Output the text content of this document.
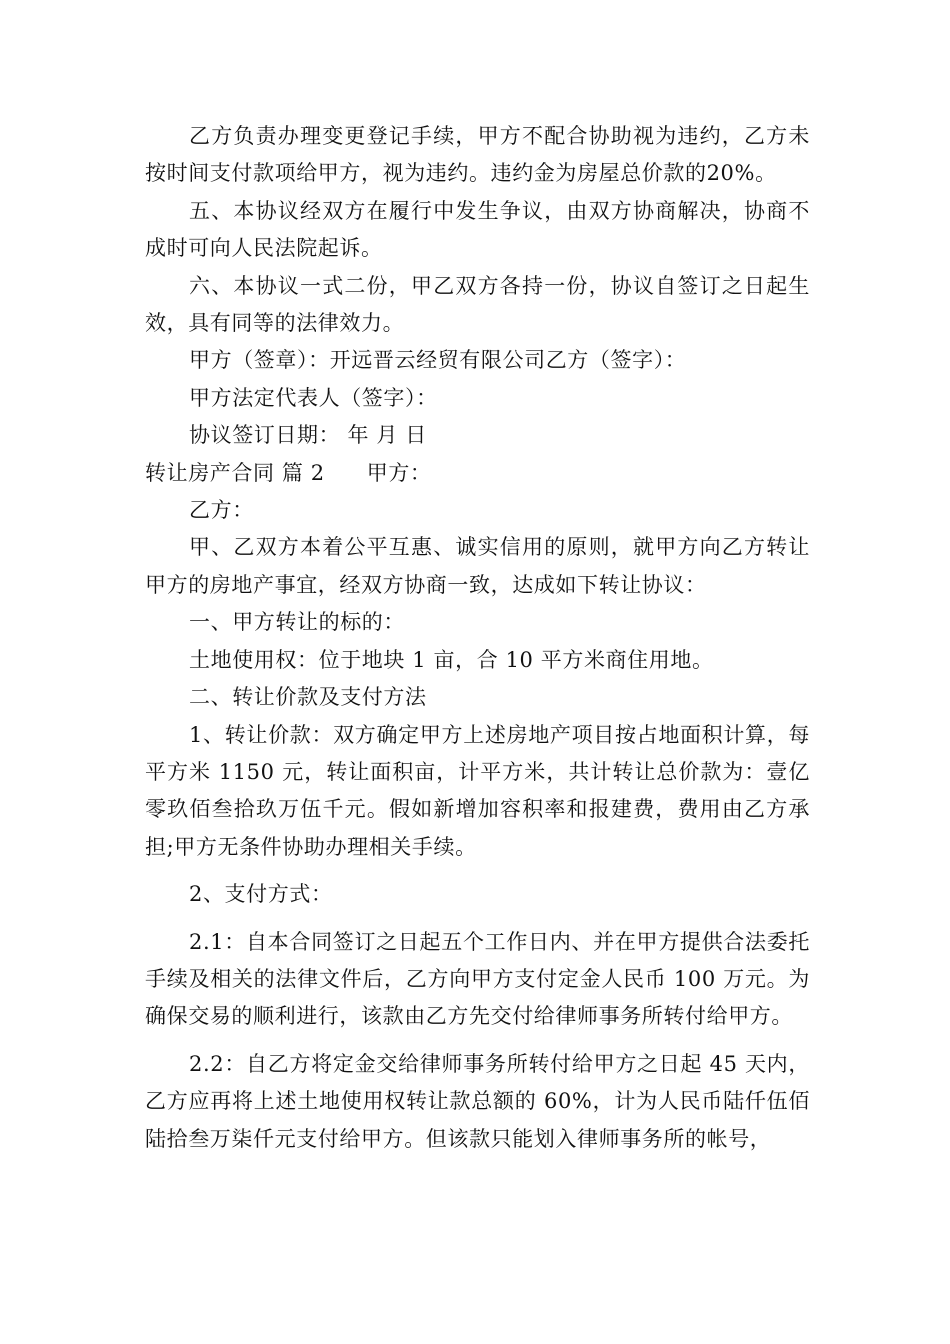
乙方负责办理变更登记手续，甲方不配合协助视为违约，乙方未按时间支付款项给甲方，视为违约。违约金为房屋总价款的20%。

五、本协议经双方在履行中发生争议，由双方协商解决，协商不成时可向人民法院起诉。

六、本协议一式二份，甲乙双方各持一份，协议自签订之日起生效，具有同等的法律效力。

甲方（签章）：开远晋云经贸有限公司乙方（签字）：

甲方法定代表人（签字）：

协议签订日期： 年 月 日

转让房产合同 篇 2 甲方：

乙方：

甲、乙双方本着公平互惠、诚实信用的原则，就甲方向乙方转让甲方的房地产事宜，经双方协商一致，达成如下转让协议：

一、甲方转让的标的：

土地使用权：位于地块 1 亩，合 10 平方米商住用地。

二、转让价款及支付方法

1、转让价款：双方确定甲方上述房地产项目按占地面积计算，每平方米 1150 元，转让面积亩，计平方米，共计转让总价款为：壹亿零玖佰叁拾玖万伍千元。假如新增加容积率和报建费，费用由乙方承担;甲方无条件协助办理相关手续。

2、支付方式：

2.1：自本合同签订之日起五个工作日内、并在甲方提供合法委托手续及相关的法律文件后，乙方向甲方支付定金人民币 100 万元。为确保交易的顺利进行，该款由乙方先交付给律师事务所转付给甲方。

2.2：自乙方将定金交给律师事务所转付给甲方之日起 45 天内，乙方应再将上述土地使用权转让款总额的 60%，计为人民币陆仟伍佰陆拾叁万柒仟元支付给甲方。但该款只能划入律师事务所的帐号，
